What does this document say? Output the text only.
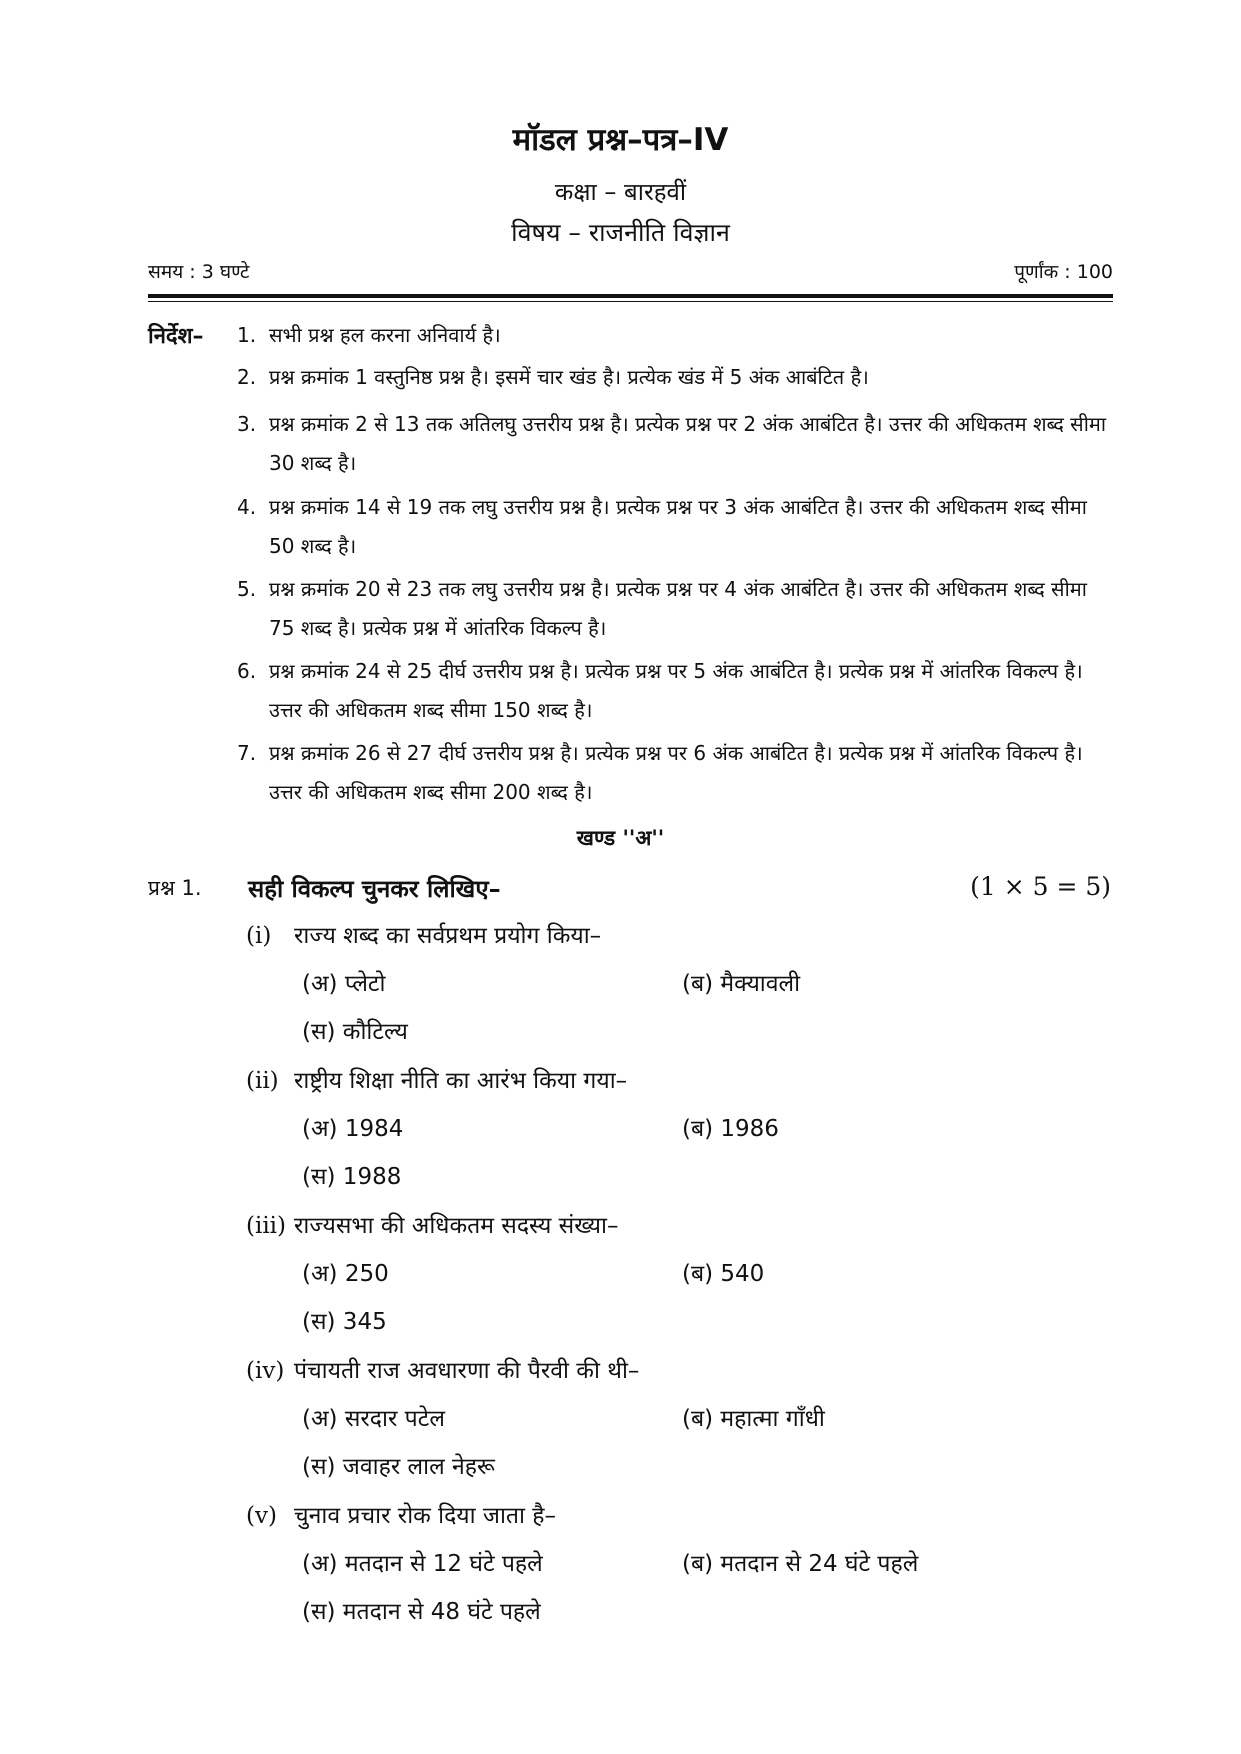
मॉडल प्रश्न–पत्र–IV
कक्षा – बारहवीं
विषय – राजनीति विज्ञान
समय : 3 घण्टे	पूर्णांक : 100
निर्देश– 1. सभी प्रश्न हल करना अनिवार्य है।
2. प्रश्न क्रमांक 1 वस्तुनिष्ठ प्रश्न है। इसमें चार खंड है। प्रत्येक खंड में 5 अंक आबंटित है।
3. प्रश्न क्रमांक 2 से 13 तक अतिलघु उत्तरीय प्रश्न है। प्रत्येक प्रश्न पर 2 अंक आबंटित है। उत्तर की अधिकतम शब्द सीमा 30 शब्द है।
4. प्रश्न क्रमांक 14 से 19 तक लघु उत्तरीय प्रश्न है। प्रत्येक प्रश्न पर 3 अंक आबंटित है। उत्तर की अधिकतम शब्द सीमा 50 शब्द है।
5. प्रश्न क्रमांक 20 से 23 तक लघु उत्तरीय प्रश्न है। प्रत्येक प्रश्न पर 4 अंक आबंटित है। उत्तर की अधिकतम शब्द सीमा 75 शब्द है। प्रत्येक प्रश्न में आंतरिक विकल्प है।
6. प्रश्न क्रमांक 24 से 25 दीर्घ उत्तरीय प्रश्न है। प्रत्येक प्रश्न पर 5 अंक आबंटित है। प्रत्येक प्रश्न में आंतरिक विकल्प है। उत्तर की अधिकतम शब्द सीमा 150 शब्द है।
7. प्रश्न क्रमांक 26 से 27 दीर्घ उत्तरीय प्रश्न है। प्रत्येक प्रश्न पर 6 अंक आबंटित है। प्रत्येक प्रश्न में आंतरिक विकल्प है। उत्तर की अधिकतम शब्द सीमा 200 शब्द है।
खण्ड ''अ''
प्रश्न 1. सही विकल्प चुनकर लिखिए–	(1 × 5 = 5)
(i) राज्य शब्द का सर्वप्रथम प्रयोग किया–
(अ) प्लेटो	(ब) मैक्यावली
(स) कौटिल्य
(ii) राष्ट्रीय शिक्षा नीति का आरंभ किया गया–
(अ) 1984	(ब) 1986
(स) 1988
(iii) राज्यसभा की अधिकतम सदस्य संख्या–
(अ) 250	(ब) 540
(स) 345
(iv) पंचायती राज अवधारणा की पैरवी की थी–
(अ) सरदार पटेल	(ब) महात्मा गाँधी
(स) जवाहर लाल नेहरू
(v) चुनाव प्रचार रोक दिया जाता है–
(अ) मतदान से 12 घंटे पहले	(ब) मतदान से 24 घंटे पहले
(स) मतदान से 48 घंटे पहले
